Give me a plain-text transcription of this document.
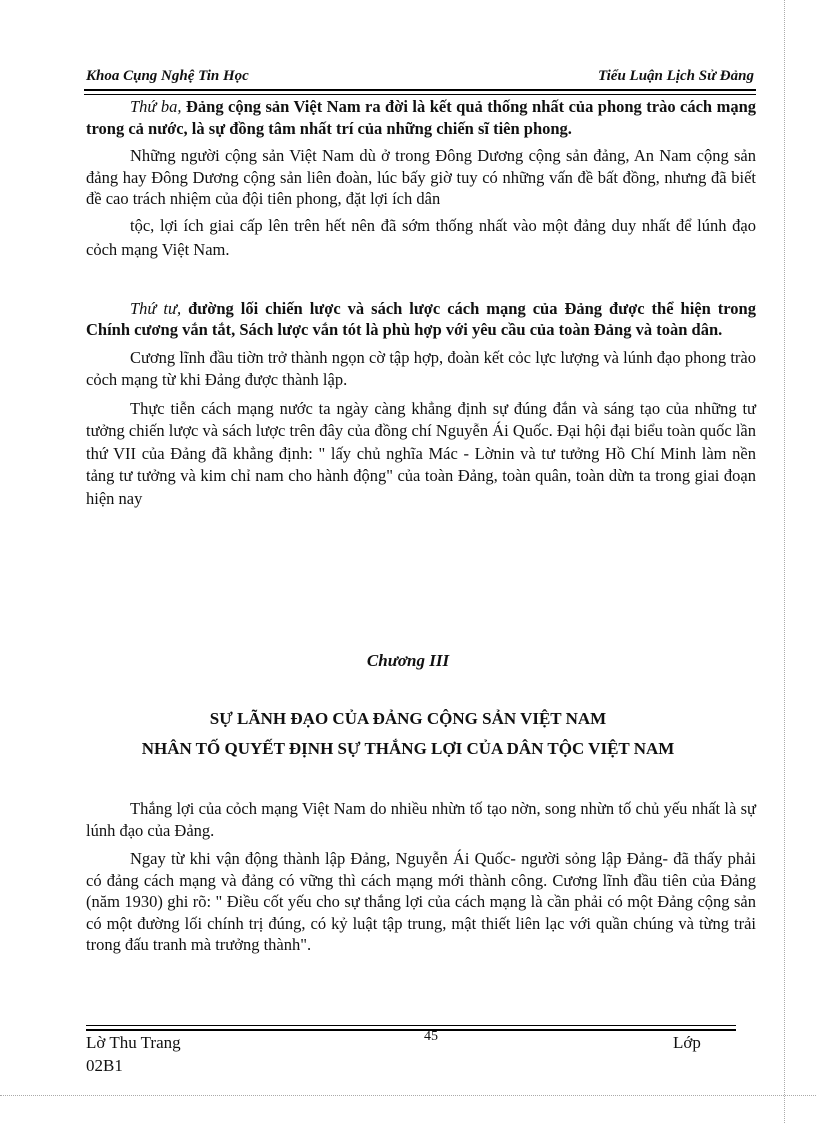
Khoa Cụng Nghệ Tin Học	Tiểu Luận Lịch Sử Đảng

Thứ ba, Đảng cộng sản Việt Nam ra đời là kết quả thống nhất của phong trào cách mạng trong cả nước, là sự đồng tâm nhất trí của những chiến sĩ tiên phong.

Những người cộng sản Việt Nam dù ở trong Đông Dương cộng sản đảng, An Nam cộng sản đảng hay Đông Dương cộng sản liên đoàn, lúc bấy giờ tuy có những vấn đề bất đồng, nhưng đã biết đề cao trách nhiệm của đội tiên phong, đặt lợi ích dân

tộc, lợi ích giai cấp lên trên hết nên đã sớm thống nhất vào một đảng duy nhất để lúnh đạo cỏch mạng Việt Nam.

Thứ tư, đường lối chiến lược và sách lược cách mạng của Đảng được thể hiện trong Chính cương vắn tắt, Sách lược vắn tót là phù hợp với yêu cầu của toàn Đảng và toàn dân.

Cương lĩnh đầu tiờn trở thành ngọn cờ tập hợp, đoàn kết cỏc lực lượng và lúnh đạo phong trào cỏch mạng từ khi Đảng được thành lập.

Thực tiễn cách mạng nước ta ngày càng khẳng định sự đúng đắn và sáng tạo của những tư tưởng chiến lược và sách lược trên đây của đồng chí Nguyễn Ái Quốc. Đại hội đại biểu toàn quốc lần thứ VII của Đảng đã khẳng định: " lấy chủ nghĩa Mác - Lờnin và tư tưởng Hồ Chí Minh làm nền tảng tư tưởng và kim chỉ nam cho hành động" của toàn Đảng, toàn quân, toàn dừn ta trong giai đoạn hiện nay

Chương III
SỰ LÃNH ĐẠO CỦA ĐẢNG CỘNG SẢN VIỆT NAM
NHÂN TỐ QUYẾT ĐỊNH SỰ THẮNG LỢI CỦA DÂN TỘC VIỆT NAM

Thắng lợi của cỏch mạng Việt Nam do nhiều nhừn tố tạo nờn, song nhừn tố chủ yếu nhất là sự lúnh đạo của Đảng.

Ngay từ khi vận động thành lập Đảng, Nguyễn Ái Quốc- người sỏng lập Đảng- đã thấy phải có đảng cách mạng và đảng có vững thì cách mạng mới thành công. Cương lĩnh đầu tiên của Đảng (năm 1930) ghi rõ: " Điều cốt yếu cho sự thắng lợi của cách mạng là cần phải có một Đảng cộng sản có một đường lối chính trị đúng, có kỷ luật tập trung, mật thiết liên lạc với quần chúng và từng trải trong đấu tranh mà trưởng thành".

Lờ Thu Trang	45	Lớp
02B1
